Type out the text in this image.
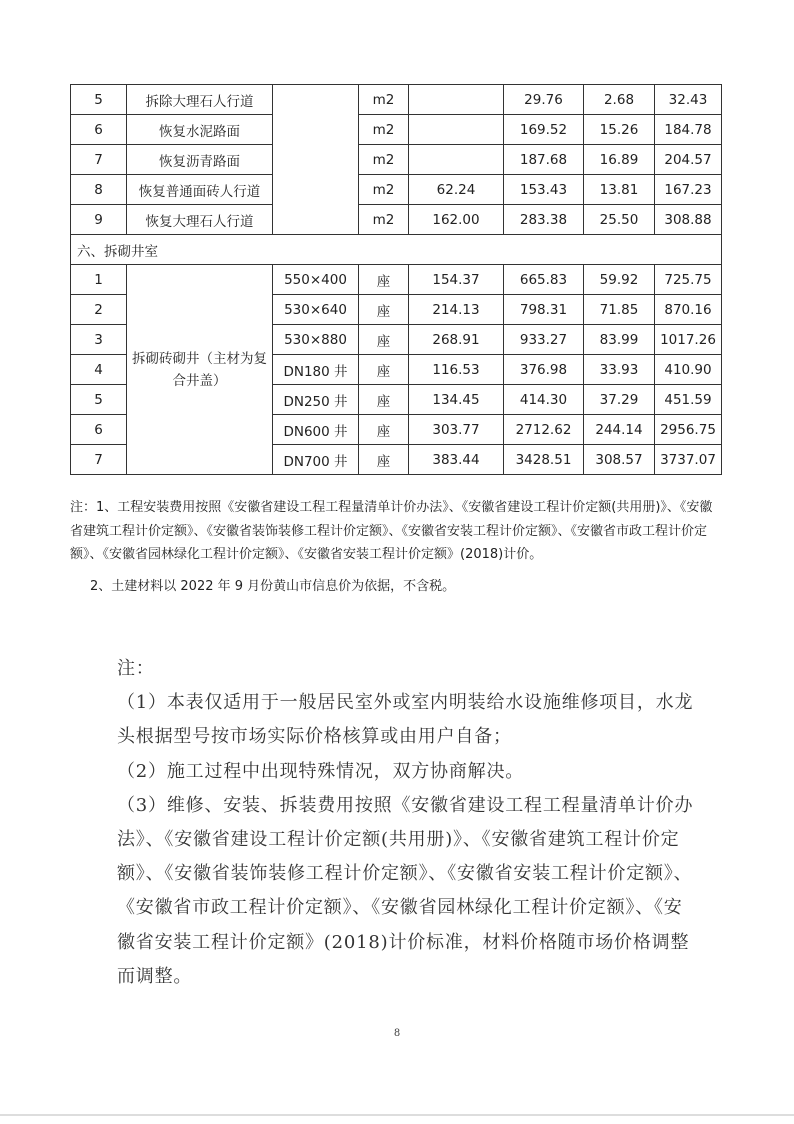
5	拆除大理石人行道		m2		29.76	2.68	32.43
6	恢复水泥路面		m2		169.52	15.26	184.78
7	恢复沥青路面		m2		187.68	16.89	204.57
8	恢复普通面砖人行道		m2	62.24	153.43	13.81	167.23
9	恢复大理石人行道		m2	162.00	283.38	25.50	308.88
六、拆砌井室							
1	拆砌砖砌井（主材为复合井盖）	550×400	座	154.37	665.83	59.92	725.75
2		530×640	座	214.13	798.31	71.85	870.16
3		530×880	座	268.91	933.27	83.99	1017.26
4		DN180 井	座	116.53	376.98	33.93	410.90
5		DN250 井	座	134.45	414.30	37.29	451.59
6		DN600 井	座	303.77	2712.62	244.14	2956.75
7		DN700 井	座	383.44	3428.51	308.57	3737.07

注：1、工程安装费用按照《安徽省建设工程工程量清单计价办法》、《安徽省建设工程计价定额(共用册)》、《安徽省建筑工程计价定额》、《安徽省装饰装修工程计价定额》、《安徽省安装工程计价定额》、《安徽省市政工程计价定额》、《安徽省园林绿化工程计价定额》、《安徽省安装工程计价定额》(2018)计价。

2、土建材料以 2022 年 9 月份黄山市信息价为依据，不含税。

注：

（1）本表仅适用于一般居民室外或室内明装给水设施维修项目，水龙头根据型号按市场实际价格核算或由用户自备；

（2）施工过程中出现特殊情况，双方协商解决。

（3）维修、安装、拆装费用按照《安徽省建设工程工程量清单计价办法》、《安徽省建设工程计价定额(共用册)》、《安徽省建筑工程计价定额》、《安徽省装饰装修工程计价定额》、《安徽省安装工程计价定额》、《安徽省市政工程计价定额》、《安徽省园林绿化工程计价定额》、《安徽省安装工程计价定额》(2018)计价标准，材料价格随市场价格调整而调整。

8
